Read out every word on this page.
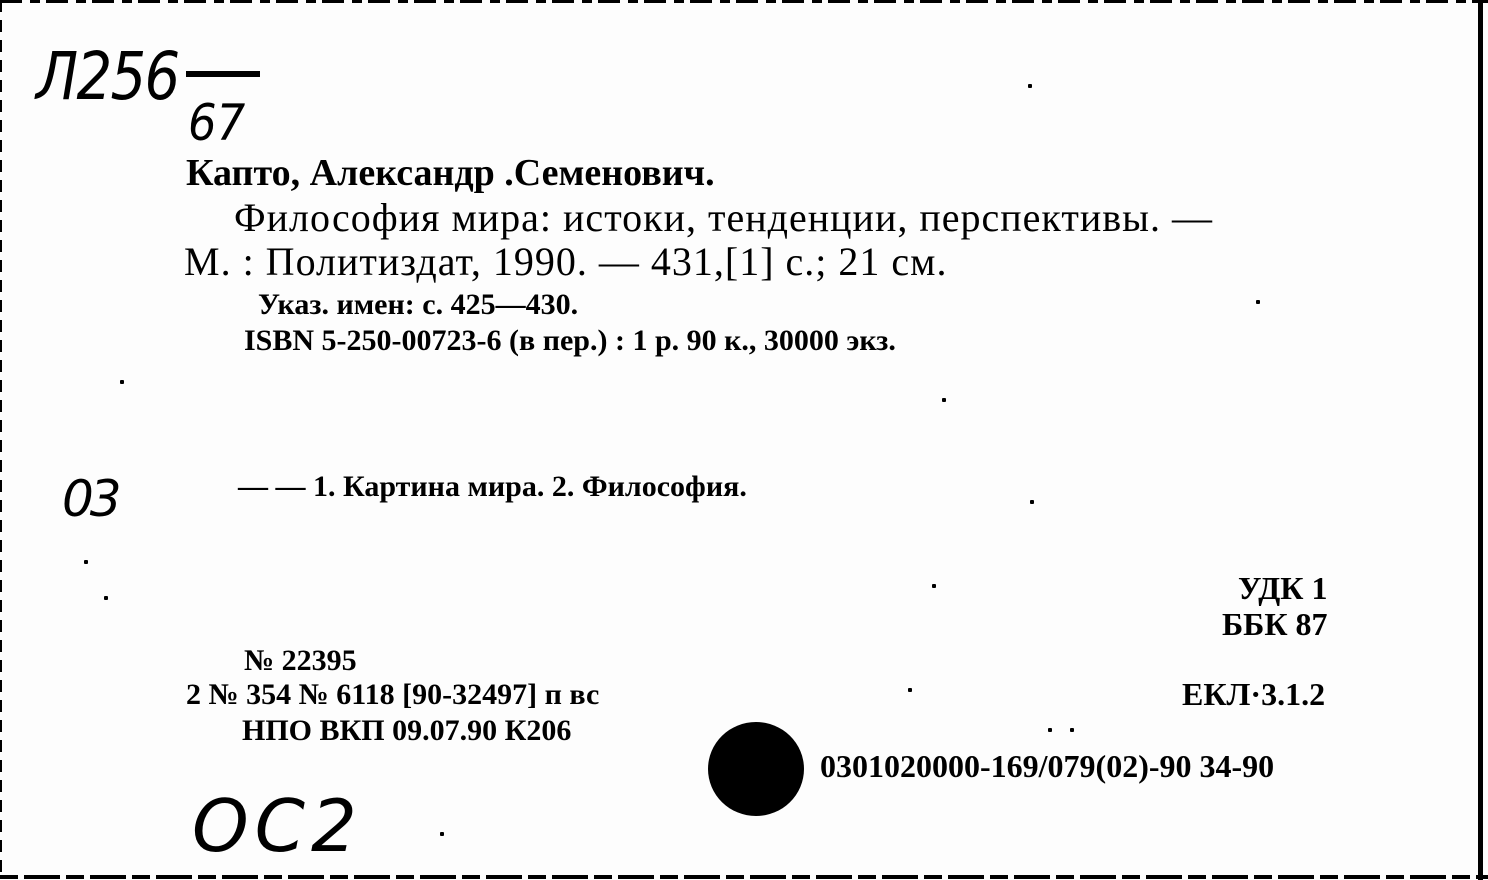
Л256
67
03
ОС2
Капто, Александр .Семенович.
Философия мира: истоки, тенденции, перспективы. —
М. : Политиздат, 1990. — 431,[1] с.; 21 см.
Указ. имен: с. 425—430.
ISBN 5-250-00723-6 (в пер.) : 1 р. 90 к., 30000 экз.
— — 1. Картина мира. 2. Философия.
УДК 1
ББК 87
ЕКЛ·3.1.2
№ 22395
2 № 354 № 6118 [90-32497] п вс
НПО ВКП 09.07.90 К206
0301020000-169/079(02)-90 34-90
